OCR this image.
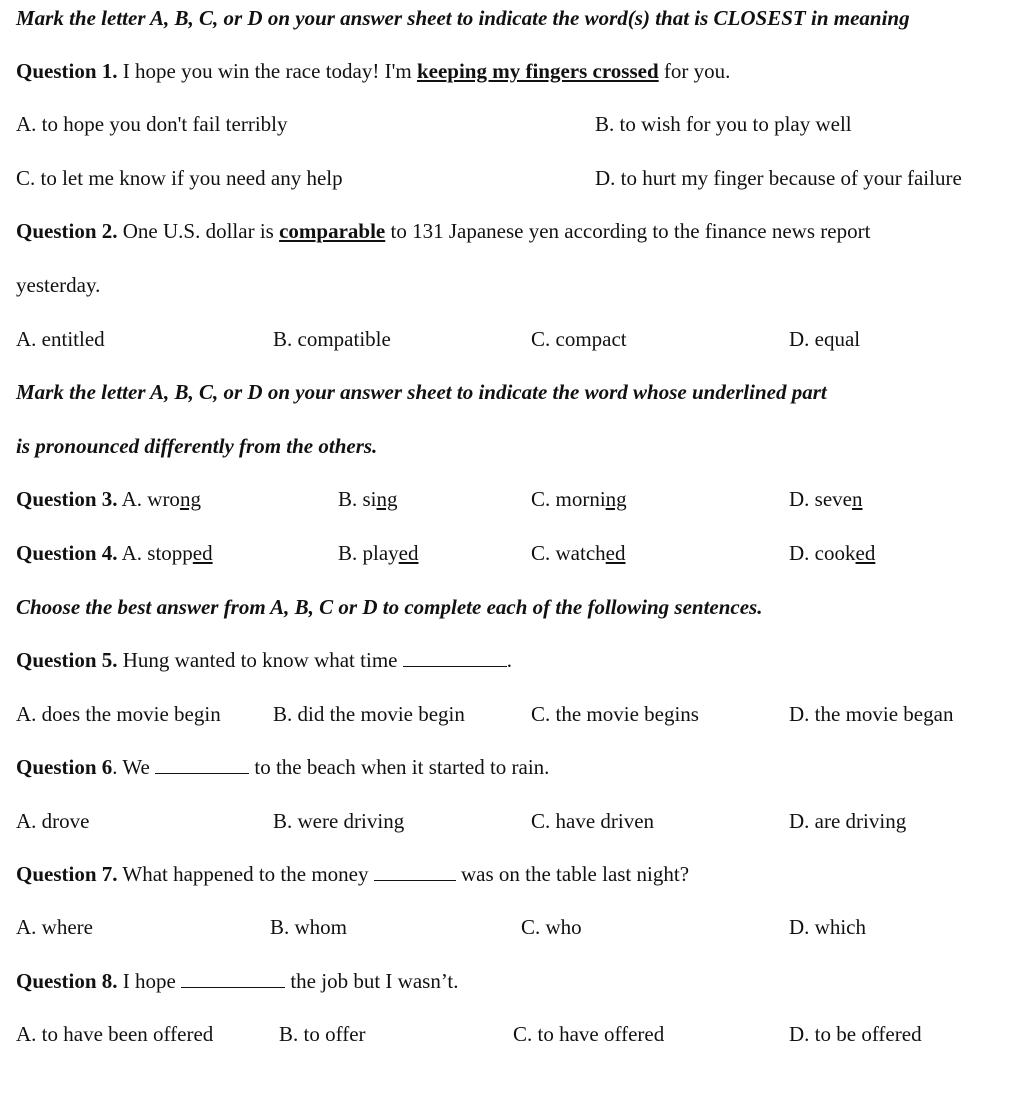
Mark the letter A, B, C, or D on your answer sheet to indicate the word(s) that is CLOSEST in meaning
Question 1. I hope you win the race today! I'm keeping my fingers crossed for you.
A. to hope you don't fail terribly	B. to wish for you to play well
C. to let me know if you need any help	D. to hurt my finger because of your failure
Question 2. One U.S. dollar is comparable to 131 Japanese yen according to the finance news report
yesterday.
A. entitled	B. compatible	C. compact	D. equal
Mark the letter A, B, C, or D on your answer sheet to indicate the word whose underlined part
is pronounced differently from the others.
Question 3. A. wrong	B. sing	C. morning	D. seven
Question 4. A. stopped	B. played	C. watched	D. cooked
Choose the best answer from A, B, C or D to complete each of the following sentences.
Question 5. Hung wanted to know what time	.
A. does the movie begin B. did the movie begin	C. the movie begins	D. the movie began
Question 6. We	to the beach when it started to rain.
A. drove	B. were driving	C. have driven	D. are driving
Question 7. What happened to the money	was on the table last night?
A. where	B. whom	C. who	D. which
Question 8. I hope	the job but I wasn’t.
A. to have been offered	B. to offer	C. to have offered	D. to be offered
